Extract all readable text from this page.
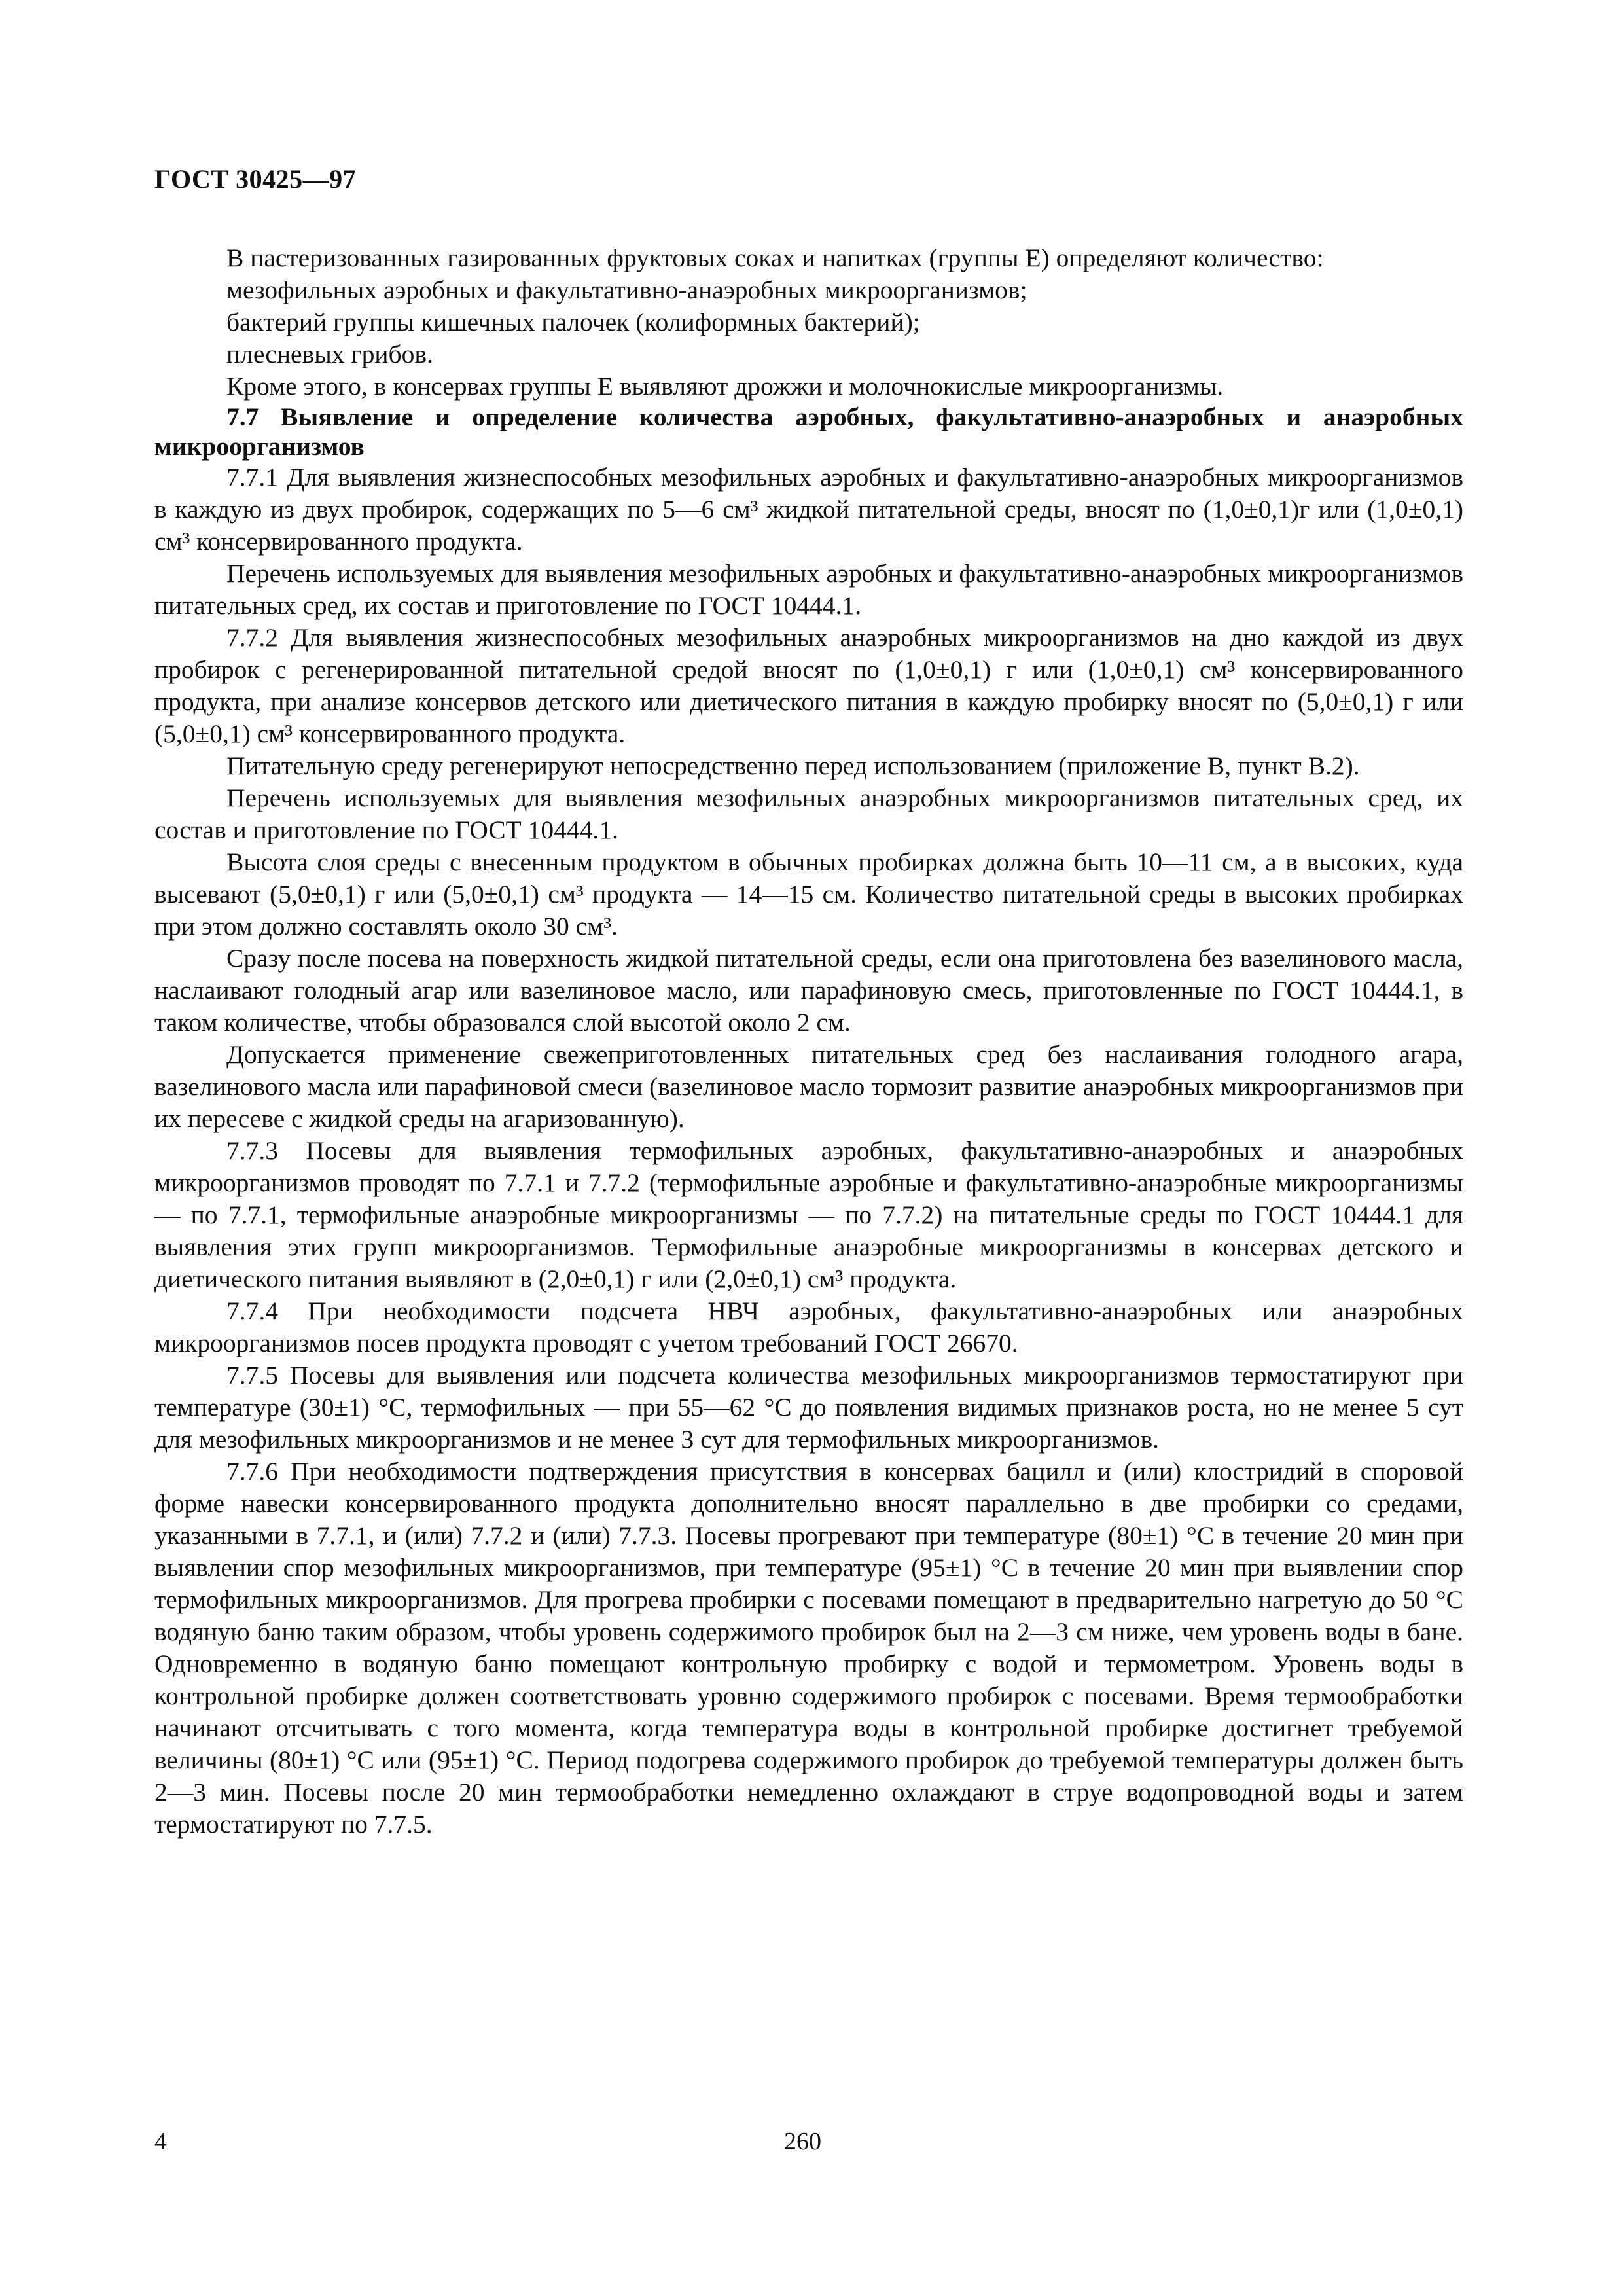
ГОСТ 30425—97

В пастеризованных газированных фруктовых соках и напитках (группы Е) определяют количество:

мезофильных аэробных и факультативно-анаэробных микроорганизмов;

бактерий группы кишечных палочек (колиформных бактерий);

плесневых грибов.

Кроме этого, в консервах группы Е выявляют дрожжи и молочнокислые микроорганизмы.

7.7 Выявление и определение количества аэробных, факультативно-анаэробных и анаэробных микроорганизмов

7.7.1 Для выявления жизнеспособных мезофильных аэробных и факультативно-анаэробных микроорганизмов в каждую из двух пробирок, содержащих по 5—6 см³ жидкой питательной среды, вносят по (1,0±0,1)г или (1,0±0,1) см³ консервированного продукта.

Перечень используемых для выявления мезофильных аэробных и факультативно-анаэробных микроорганизмов питательных сред, их состав и приготовление по ГОСТ 10444.1.

7.7.2 Для выявления жизнеспособных мезофильных анаэробных микроорганизмов на дно каждой из двух пробирок с регенерированной питательной средой вносят по (1,0±0,1) г или (1,0±0,1) см³ консервированного продукта, при анализе консервов детского или диетического питания в каждую пробирку вносят по (5,0±0,1) г или (5,0±0,1) см³ консервированного продукта.

Питательную среду регенерируют непосредственно перед использованием (приложение В, пункт В.2).

Перечень используемых для выявления мезофильных анаэробных микроорганизмов питательных сред, их состав и приготовление по ГОСТ 10444.1.

Высота слоя среды с внесенным продуктом в обычных пробирках должна быть 10—11 см, а в высоких, куда высевают (5,0±0,1) г или (5,0±0,1) см³ продукта — 14—15 см. Количество питательной среды в высоких пробирках при этом должно составлять около 30 см³.

Сразу после посева на поверхность жидкой питательной среды, если она приготовлена без вазелинового масла, наслаивают голодный агар или вазелиновое масло, или парафиновую смесь, приготовленные по ГОСТ 10444.1, в таком количестве, чтобы образовался слой высотой около 2 см.

Допускается применение свежеприготовленных питательных сред без наслаивания голодного агара, вазелинового масла или парафиновой смеси (вазелиновое масло тормозит развитие анаэробных микроорганизмов при их пересеве с жидкой среды на агаризованную).

7.7.3 Посевы для выявления термофильных аэробных, факультативно-анаэробных и анаэробных микроорганизмов проводят по 7.7.1 и 7.7.2 (термофильные аэробные и факультативно-анаэробные микроорганизмы — по 7.7.1, термофильные анаэробные микроорганизмы — по 7.7.2) на питательные среды по ГОСТ 10444.1 для выявления этих групп микроорганизмов. Термофильные анаэробные микроорганизмы в консервах детского и диетического питания выявляют в (2,0±0,1) г или (2,0±0,1) см³ продукта.

7.7.4 При необходимости подсчета НВЧ аэробных, факультативно-анаэробных или анаэробных микроорганизмов посев продукта проводят с учетом требований ГОСТ 26670.

7.7.5 Посевы для выявления или подсчета количества мезофильных микроорганизмов термостатируют при температуре (30±1) °С, термофильных — при 55—62 °С до появления видимых признаков роста, но не менее 5 сут для мезофильных микроорганизмов и не менее 3 сут для термофильных микроорганизмов.

7.7.6 При необходимости подтверждения присутствия в консервах бацилл и (или) клостридий в споровой форме навески консервированного продукта дополнительно вносят параллельно в две пробирки со средами, указанными в 7.7.1, и (или) 7.7.2 и (или) 7.7.3. Посевы прогревают при температуре (80±1) °С в течение 20 мин при выявлении спор мезофильных микроорганизмов, при температуре (95±1) °С в течение 20 мин при выявлении спор термофильных микроорганизмов. Для прогрева пробирки с посевами помещают в предварительно нагретую до 50 °С водяную баню таким образом, чтобы уровень содержимого пробирок был на 2—3 см ниже, чем уровень воды в бане. Одновременно в водяную баню помещают контрольную пробирку с водой и термометром. Уровень воды в контрольной пробирке должен соответствовать уровню содержимого пробирок с посевами. Время термообработки начинают отсчитывать с того момента, когда температура воды в контрольной пробирке достигнет требуемой величины (80±1) °С или (95±1) °С. Период подогрева содержимого пробирок до требуемой температуры должен быть 2—3 мин. Посевы после 20 мин термообработки немедленно охлаждают в струе водопроводной воды и затем термостатируют по 7.7.5.

4	260
